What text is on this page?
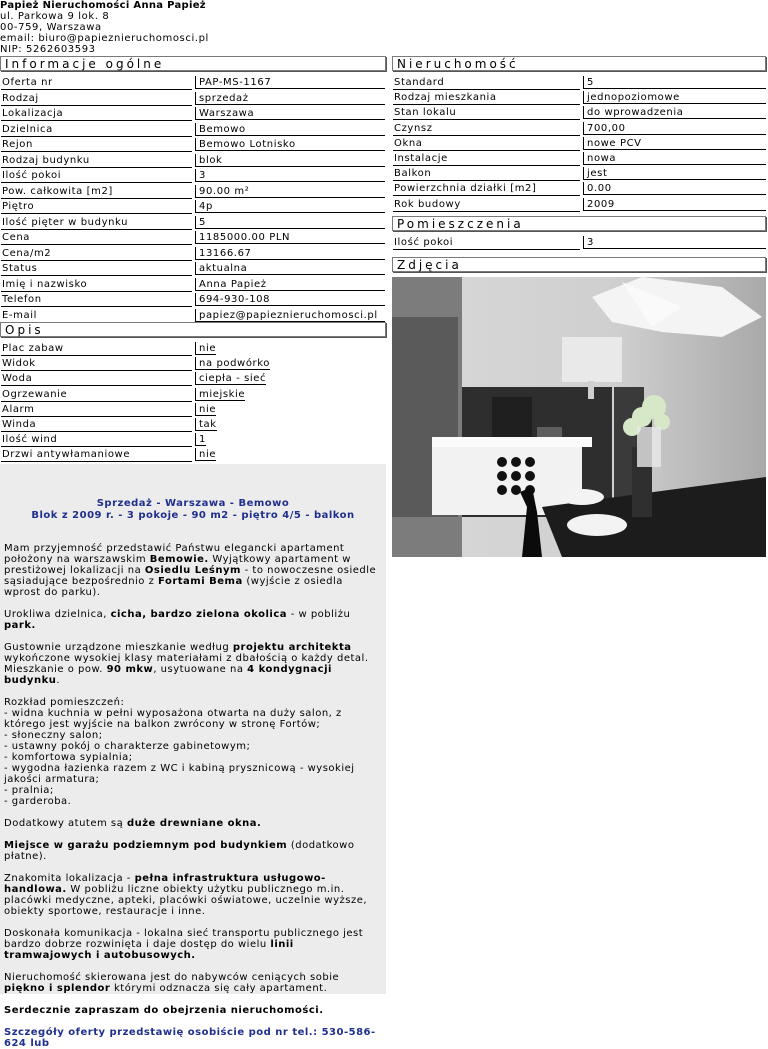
Papież Nieruchomości Anna Papież
ul. Parkowa 9 lok. 8
00-759, Warszawa
email: biuro@papieznieruchomosci.pl
NIP: 5262603593
Informacje ogólne
Oferta nr	PAP-MS-1167
Rodzaj	sprzedaż
Lokalizacja	Warszawa
Dzielnica	Bemowo
Rejon	Bemowo Lotnisko
Rodzaj budynku	blok
Ilość pokoi	3
Pow. całkowita [m2]	90.00 m²
Piętro	4p
Ilość pięter w budynku	5
Cena	1185000.00 PLN
Cena/m2	13166.67
Status	aktualna
Imię i nazwisko	Anna Papież
Telefon	694-930-108
E-mail	papiez@papieznieruchomosci.pl
Nieruchomość
Standard	5
Rodzaj mieszkania	jednopoziomowe
Stan lokalu	do wprowadzenia
Czynsz	700,00
Okna	nowe PCV
Instalacje	nowa
Balkon	jest
Powierzchnia działki [m2]	0.00
Rok budowy	2009
Pomieszczenia
Ilość pokoi	3
Zdjęcia
Opis
Plac zabaw	nie
Widok	na podwórko
Woda	ciepła - sieć
Ogrzewanie	miejskie
Alarm	nie
Winda	tak
Ilość wind	1
Drzwi antywłamaniowe	nie
Sprzedaż - Warszawa - Bemowo
Blok z 2009 r. - 3 pokoje - 90 m2 - piętro 4/5 - balkon

Mam przyjemność przedstawić Państwu elegancki apartament położony na warszawskim Bemowie. Wyjątkowy apartament w prestiżowej lokalizacji na Osiedlu Leśnym - to nowoczesne osiedle sąsiadujące bezpośrednio z Fortami Bema (wyjście z osiedla wprost do parku).

Urokliwa dzielnica, cicha, bardzo zielona okolica - w pobliżu park.

Gustownie urządzone mieszkanie według projektu architekta wykończone wysokiej klasy materiałami z dbałością o każdy detal. Mieszkanie o pow. 90 mkw, usytuowane na 4 kondygnacji budynku.

Rozkład pomieszczeń:
- widna kuchnia w pełni wyposażona otwarta na duży salon, z którego jest wyjście na balkon zwrócony w stronę Fortów;
- słoneczny salon;
- ustawny pokój o charakterze gabinetowym;
- komfortowa sypialnia;
- wygodna łazienka razem z WC i kabiną prysznicową - wysokiej jakości armatura;
- pralnia;
- garderoba.

Dodatkowy atutem są duże drewniane okna.

Miejsce w garażu podziemnym pod budynkiem (dodatkowo płatne).

Znakomita lokalizacja - pełna infrastruktura usługowo-handlowa. W pobliżu liczne obiekty użytku publicznego m.in. placówki medyczne, apteki, placówki oświatowe, uczelnie wyższe, obiekty sportowe, restauracje i inne.

Doskonała komunikacja - lokalna sieć transportu publicznego jest bardzo dobrze rozwinięta i daje dostęp do wielu linii tramwajowych i autobusowych.

Nieruchomość skierowana jest do nabywców ceniących sobie piękno i splendor którymi odznacza się cały apartament.

Serdecznie zapraszam do obejrzenia nieruchomości.

Szczegóły oferty przedstawię osobiście pod nr tel.: 530-586-624 lub
